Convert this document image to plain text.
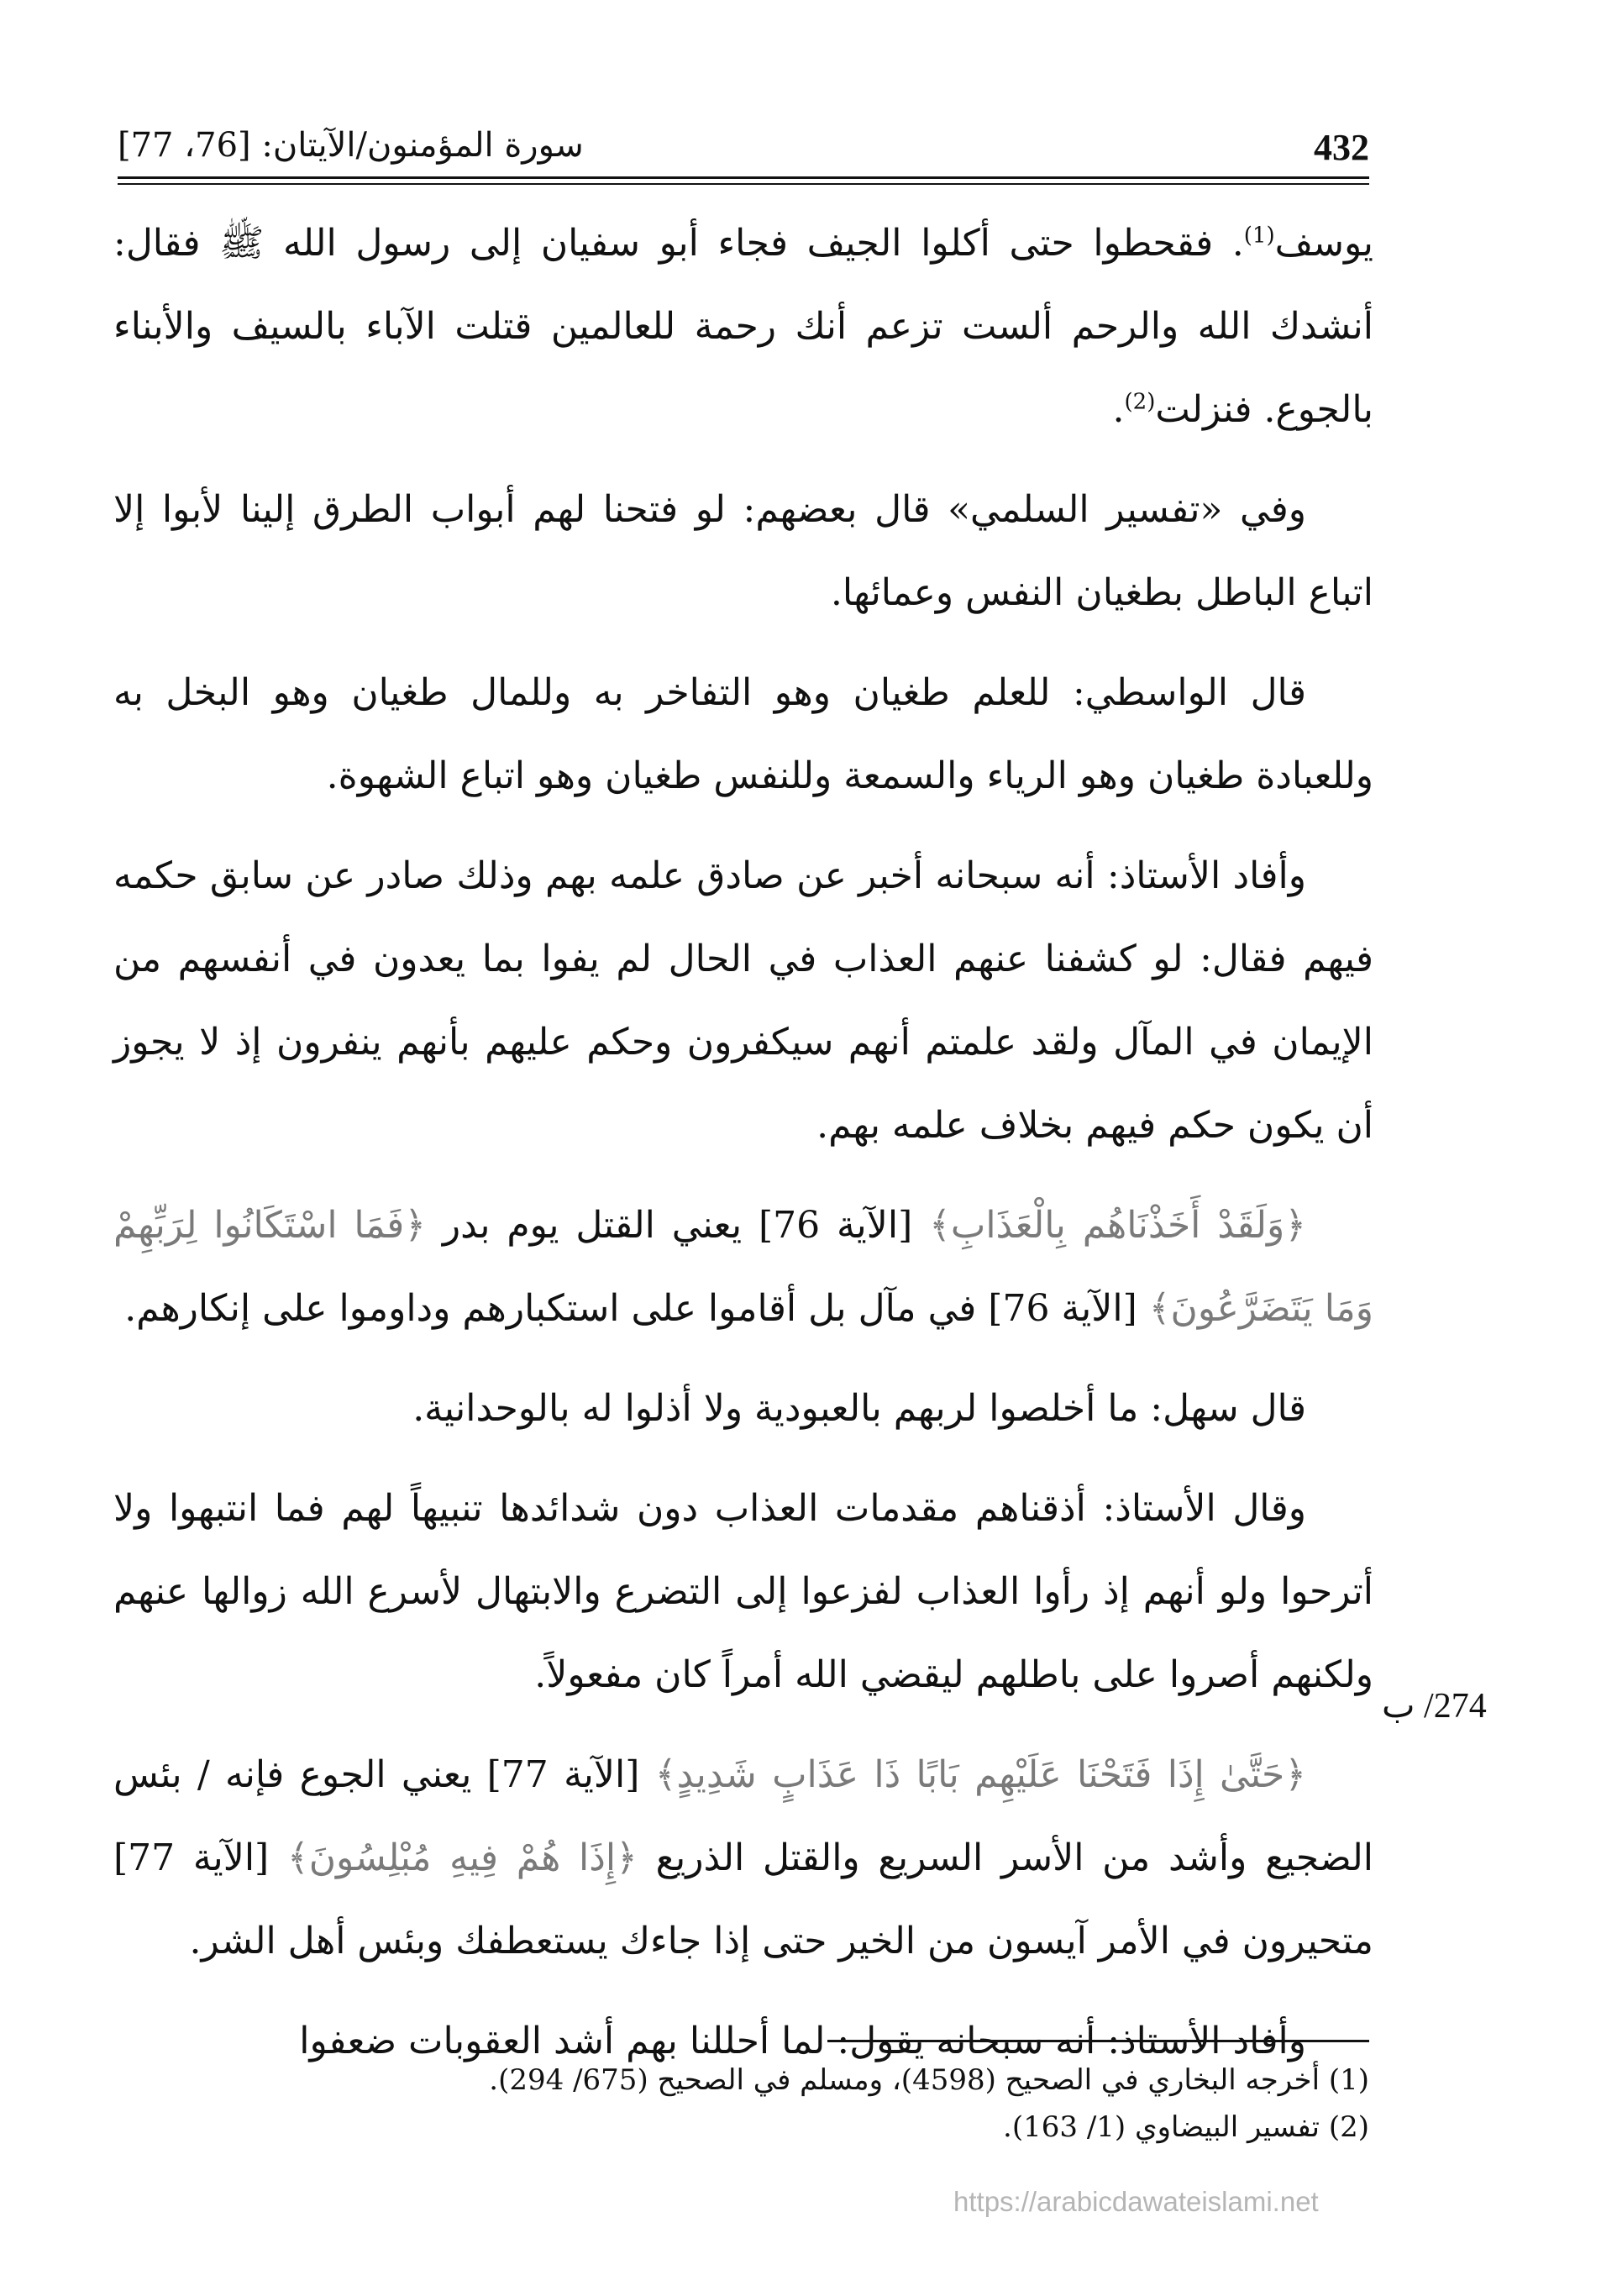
432
سورة المؤمنون/الآيتان: [76، 77]

يوسف$^{(1)}$. فقحطوا حتى أكلوا الجيف فجاء أبو سفيان إلى رسول الله ﷺ فقال: أنشدك الله والرحم ألست تزعم أنك رحمة للعالمين قتلت الآباء بالسيف والأبناء بالجوع. فنزلت$^{(2)}$.

وفي «تفسير السلمي» قال بعضهم: لو فتحنا لهم أبواب الطرق إلينا لأبوا إلا اتباع الباطل بطغيان النفس وعمائها.

قال الواسطي: للعلم طغيان وهو التفاخر به وللمال طغيان وهو البخل به وللعبادة طغيان وهو الرياء والسمعة وللنفس طغيان وهو اتباع الشهوة.

وأفاد الأستاذ: أنه سبحانه أخبر عن صادق علمه بهم وذلك صادر عن سابق حكمه فيهم فقال: لو كشفنا عنهم العذاب في الحال لم يفوا بما يعدون في أنفسهم من الإيمان في المآل ولقد علمتم أنهم سيكفرون وحكم عليهم بأنهم ينفرون إذ لا يجوز أن يكون حكم فيهم بخلاف علمه بهم.

﴿وَلَقَدْ أَخَذْنَاهُم بِالْعَذَابِ﴾ [الآية 76] يعني القتل يوم بدر ﴿فَمَا اسْتَكَانُوا لِرَبِّهِمْ وَمَا يَتَضَرَّعُونَ﴾ [الآية 76] في مآل بل أقاموا على استكبارهم وداوموا على إنكارهم.

قال سهل: ما أخلصوا لربهم بالعبودية ولا أذلوا له بالوحدانية.

وقال الأستاذ: أذقناهم مقدمات العذاب دون شدائدها تنبيهاً لهم فما انتبهوا ولا أترحوا ولو أنهم إذ رأوا العذاب لفزعوا إلى التضرع والابتهال لأسرع الله زوالها عنهم ولكنهم أصروا على باطلهم ليقضي الله أمراً كان مفعولاً.

﴿حَتَّىٰ إِذَا فَتَحْنَا عَلَيْهِم بَابًا ذَا عَذَابٍ شَدِيدٍ﴾ [الآية 77] يعني الجوع فإنه / بئس الضجيع وأشد من الأسر السريع والقتل الذريع ﴿إِذَا هُمْ فِيهِ مُبْلِسُونَ﴾ [الآية 77] متحيرون في الأمر آيسون من الخير حتى إذا جاءك يستعطفك وبئس أهل الشر.

وأفاد الأستاذ: أنه سبحانه يقول: لما أحللنا بهم أشد العقوبات ضعفوا

274/ ب

(1) أخرجه البخاري في الصحيح (4598)، ومسلم في الصحيح (675/ 294).

(2) تفسير البيضاوي (1/ 163).

https://arabicdawateislami.net
